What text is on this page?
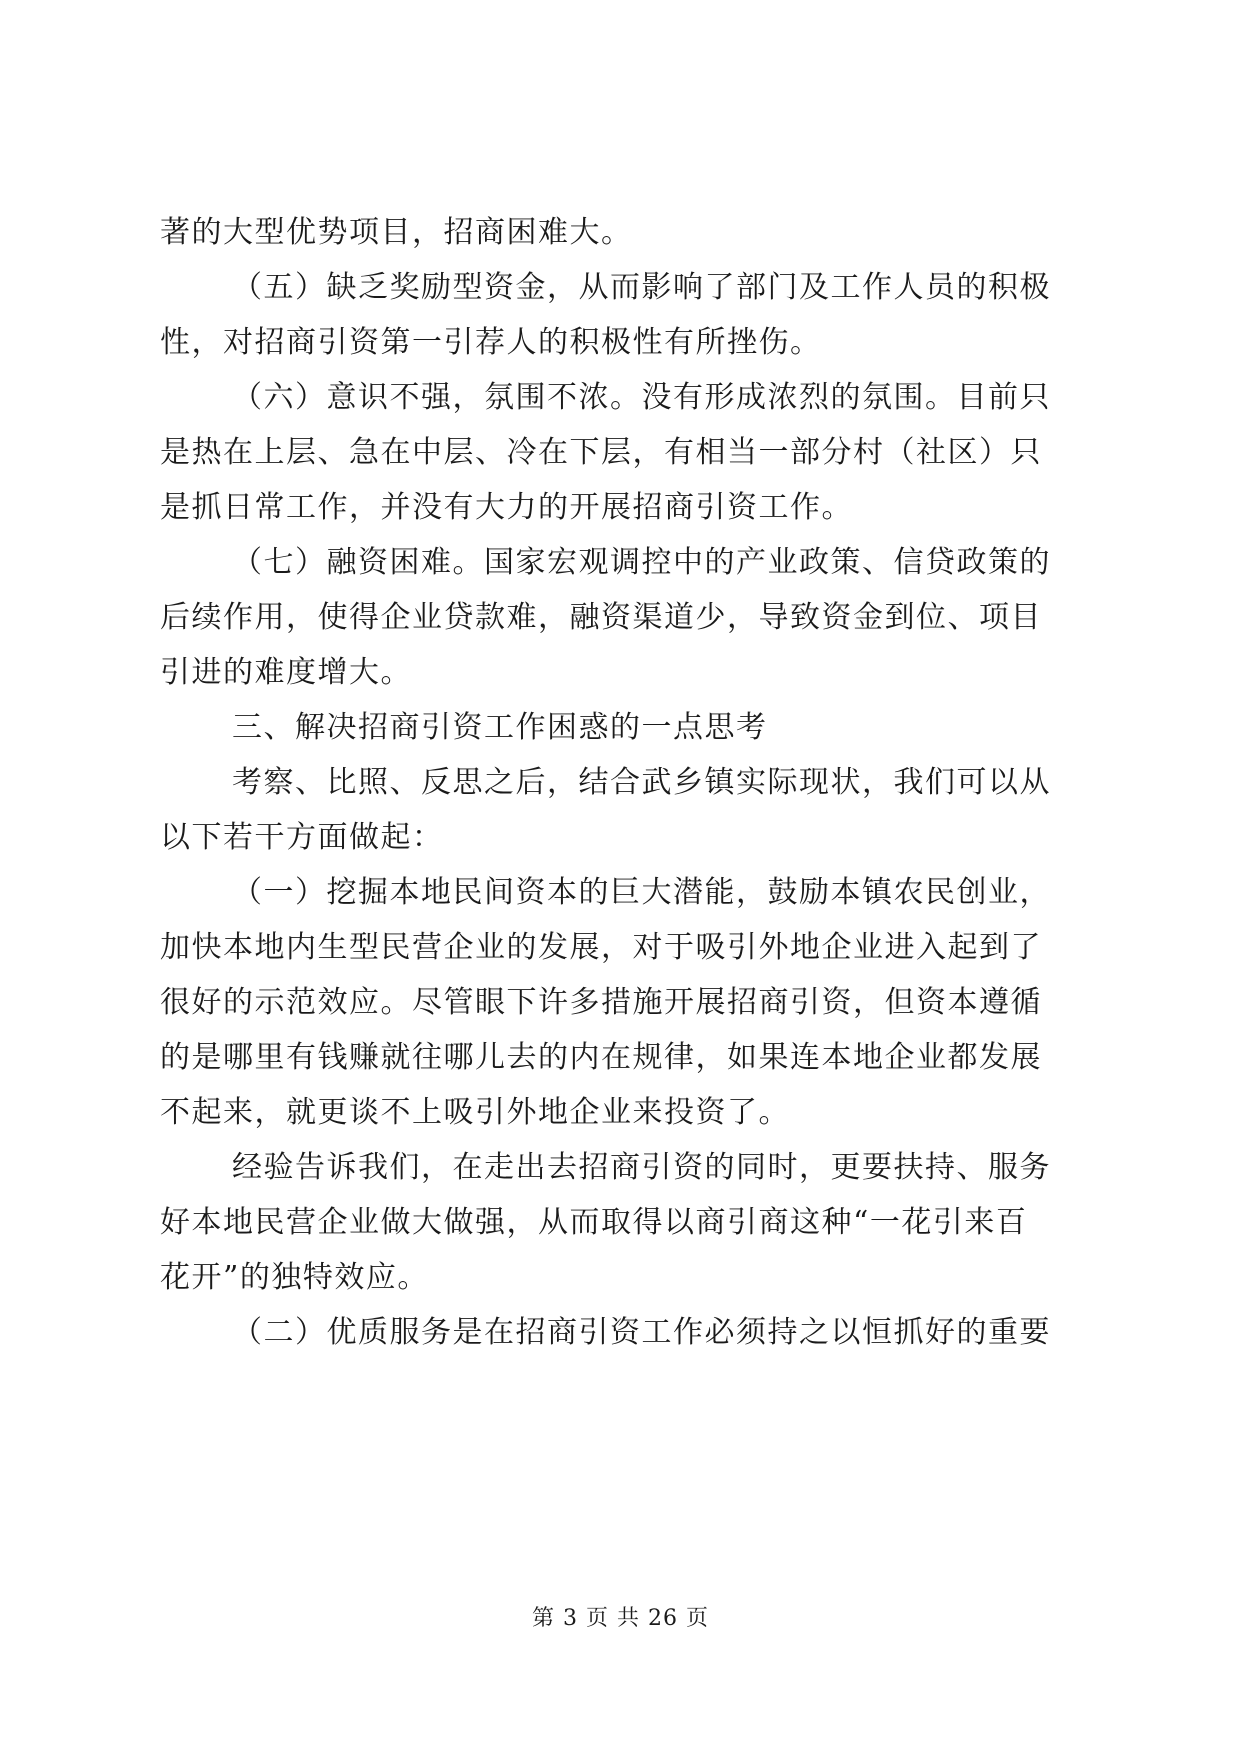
著的大型优势项目，招商困难大。

（五）缺乏奖励型资金，从而影响了部门及工作人员的积极

性，对招商引资第一引荐人的积极性有所挫伤。

（六）意识不强，氛围不浓。没有形成浓烈的氛围。目前只

是热在上层、急在中层、冷在下层，有相当一部分村（社区）只

是抓日常工作，并没有大力的开展招商引资工作。

（七）融资困难。国家宏观调控中的产业政策、信贷政策的

后续作用，使得企业贷款难，融资渠道少，导致资金到位、项目

引进的难度增大。

三、解决招商引资工作困惑的一点思考

考察、比照、反思之后，结合武乡镇实际现状，我们可以从

以下若干方面做起：

（一）挖掘本地民间资本的巨大潜能，鼓励本镇农民创业，

加快本地内生型民营企业的发展，对于吸引外地企业进入起到了

很好的示范效应。尽管眼下许多措施开展招商引资，但资本遵循

的是哪里有钱赚就往哪儿去的内在规律，如果连本地企业都发展

不起来，就更谈不上吸引外地企业来投资了。

经验告诉我们，在走出去招商引资的同时，更要扶持、服务

好本地民营企业做大做强，从而取得以商引商这种“一花引来百

花开”的独特效应。

（二）优质服务是在招商引资工作必须持之以恒抓好的重要

第 3 页 共 26 页
